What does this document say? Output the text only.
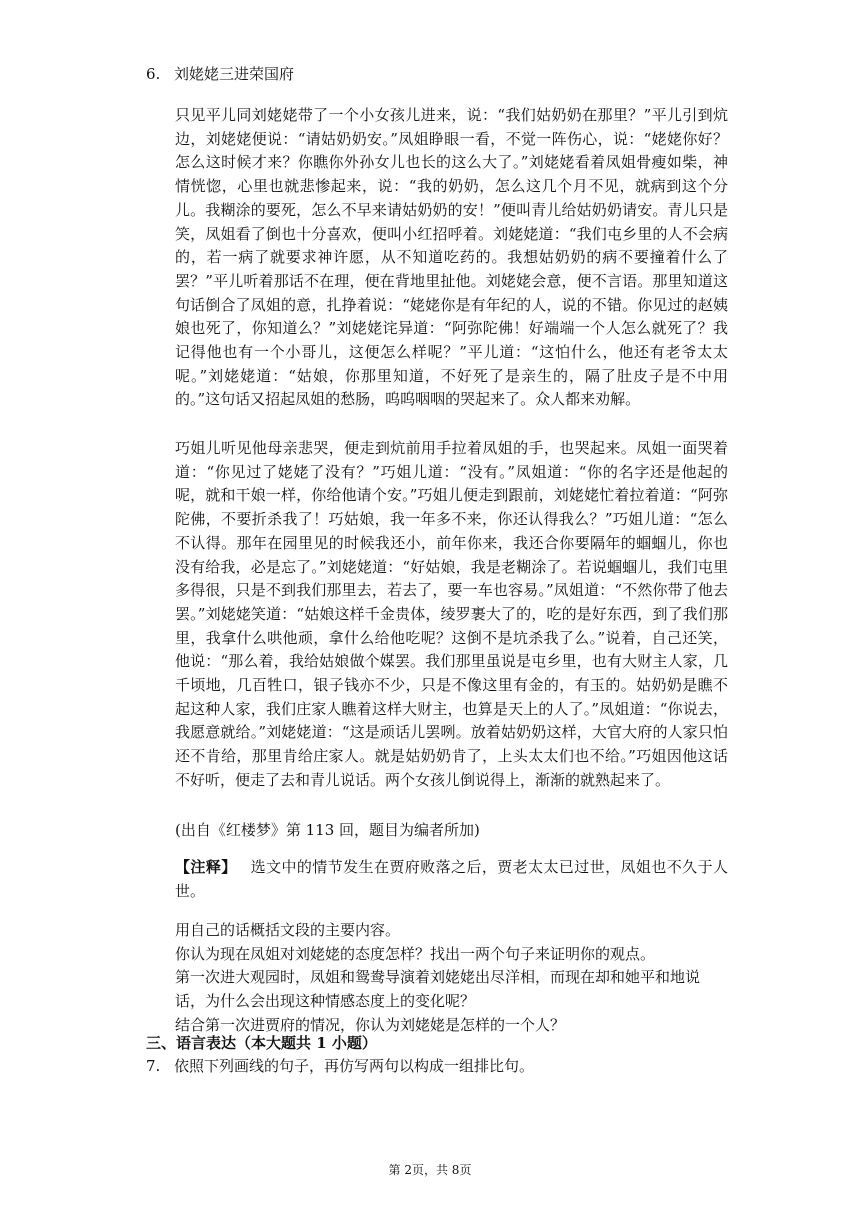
6. 刘姥姥三进荣国府
只见平儿同刘姥姥带了一个小女孩儿进来，说：“我们姑奶奶在那里？”平儿引到炕边，刘姥姥便说：“请姑奶奶安。”凤姐睁眼一看，不觉一阵伤心，说：“姥姥你好？怎么这时候才来？你瞧你外孙女儿也长的这么大了。”刘姥姥看着凤姐骨瘦如柴，神情恍惚，心里也就悲惨起来，说：“我的奶奶，怎么这几个月不见，就病到这个分儿。我糊涂的要死，怎么不早来请姑奶奶的安！”便叫青儿给姑奶奶请安。青儿只是笑，凤姐看了倒也十分喜欢，便叫小红招呼着。刘姥姥道：“我们屯乡里的人不会病的，若一病了就要求神许愿，从不知道吃药的。我想姑奶奶的病不要撞着什么了罢？”平儿听着那话不在理，便在背地里扯他。刘姥姥会意，便不言语。那里知道这句话倒合了凤姐的意，扎挣着说：“姥姥你是有年纪的人，说的不错。你见过的赵姨娘也死了，你知道么？”刘姥姥诧异道：“阿弥陀佛！好端端一个人怎么就死了？我记得他也有一个小哥儿，这便怎么样呢？”平儿道：“这怕什么，他还有老爷太太呢。”刘姥姥道：“姑娘，你那里知道，不好死了是亲生的，隔了肚皮子是不中用的。”这句话又招起凤姐的愁肠，呜呜咽咽的哭起来了。众人都来劝解。
巧姐儿听见他母亲悲哭，便走到炕前用手拉着凤姐的手，也哭起来。凤姐一面哭着道：“你见过了姥姥了没有？”巧姐儿道：“没有。”凤姐道：“你的名字还是他起的呢，就和干娘一样，你给他请个安。”巧姐儿便走到跟前，刘姥姥忙着拉着道：“阿弥陀佛，不要折杀我了！巧姑娘，我一年多不来，你还认得我么？”巧姐儿道：“怎么不认得。那年在园里见的时候我还小，前年你来，我还合你要隔年的蝈蝈儿，你也没有给我，必是忘了。”刘姥姥道：“好姑娘，我是老糊涂了。若说蝈蝈儿，我们屯里多得很，只是不到我们那里去，若去了，要一车也容易。”凤姐道：“不然你带了他去罢。”刘姥姥笑道：“姑娘这样千金贵体，绫罗裹大了的，吃的是好东西，到了我们那里，我拿什么哄他顽，拿什么给他吃呢？这倒不是坑杀我了么。”说着，自己还笑，他说：“那么着，我给姑娘做个媒罢。我们那里虽说是屯乡里，也有大财主人家，几千顷地，几百牲口，银子钱亦不少，只是不像这里有金的，有玉的。姑奶奶是瞧不起这种人家，我们庄家人瞧着这样大财主，也算是天上的人了。”凤姐道：“你说去，我愿意就给。”刘姥姥道：“这是顽话儿罢咧。放着姑奶奶这样，大官大府的人家只怕还不肯给，那里肯给庄家人。就是姑奶奶肯了，上头太太们也不给。”巧姐因他这话不好听，便走了去和青儿说话。两个女孩儿倒说得上，渐渐的就熟起来了。
(出自《红楼梦》第 113 回，题目为编者所加)
【注释】 选文中的情节发生在贾府败落之后，贾老太太已过世，凤姐也不久于人世。
用自己的话概括文段的主要内容。
你认为现在凤姐对刘姥姥的态度怎样？找出一两个句子来证明你的观点。
第一次进大观园时，凤姐和鸳鸯导演着刘姥姥出尽洋相，而现在却和她平和地说话，为什么会出现这种情感态度上的变化呢？
结合第一次进贾府的情况，你认为刘姥姥是怎样的一个人？
三、语言表达（本大题共 1 小题）
7. 依照下列画线的句子，再仿写两句以构成一组排比句。
第 2页，共 8页
